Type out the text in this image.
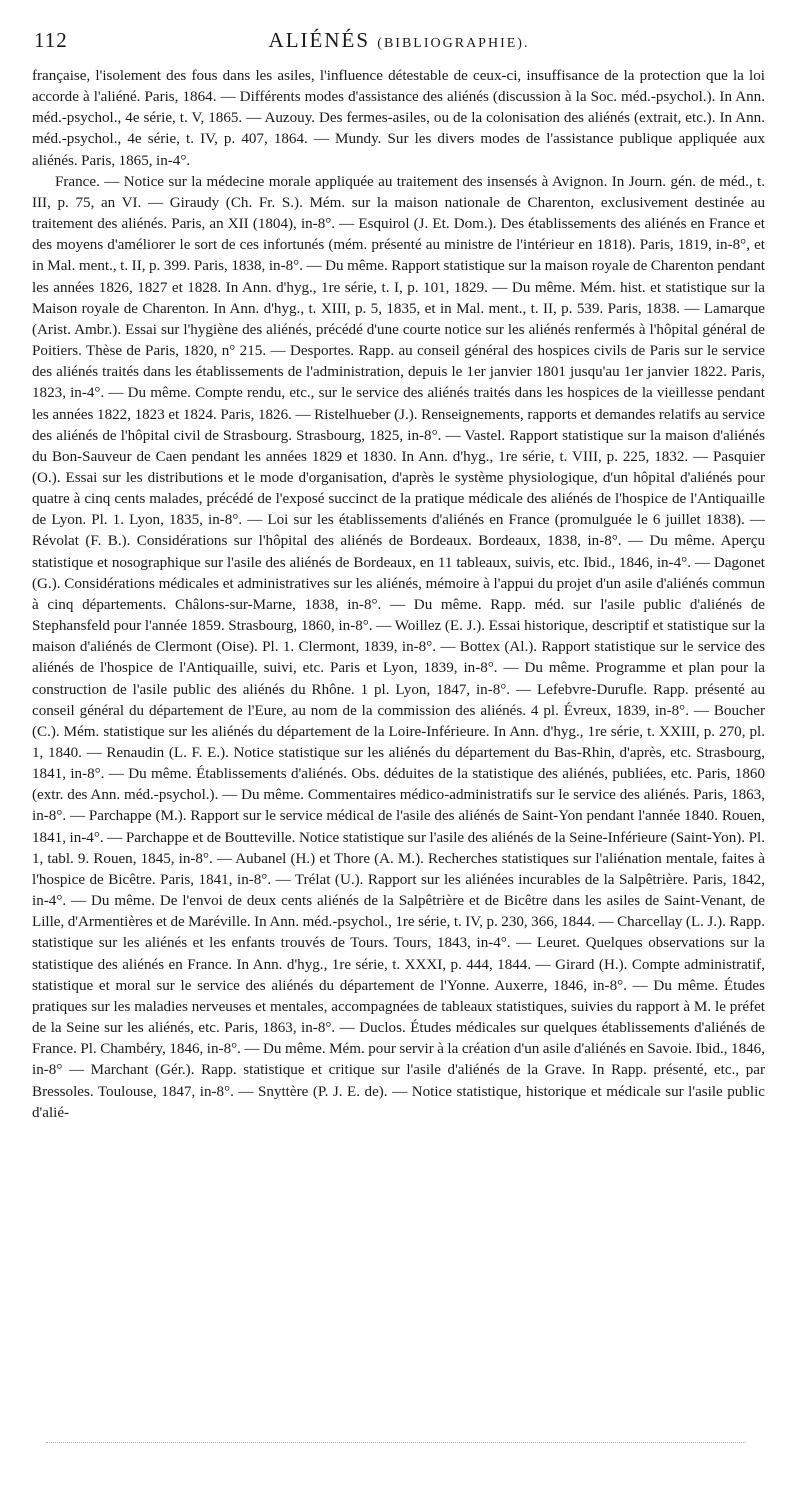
112	ALIÉNÉS (BIBLIOGRAPHIE).

française, l'isolement des fous dans les asiles, l'influence détestable de ceux-ci, insuffisance de la protection que la loi accorde à l'aliéné. Paris, 1864. — Différents modes d'assistance des aliénés (discussion à la Soc. méd.-psychol.). In Ann. méd.-psychol., 4e série, t. V, 1865. — Auzouy. Des fermes-asiles, ou de la colonisation des aliénés (extrait, etc.). In Ann. méd.-psychol., 4e série, t. IV, p. 407, 1864. — Mundy. Sur les divers modes de l'assistance publique appliquée aux aliénés. Paris, 1865, in-4°.

France. — Notice sur la médecine morale appliquée au traitement des insensés à Avignon. In Journ. gén. de méd., t. III, p. 75, an VI. — Giraudy (Ch. Fr. S.). Mém. sur la maison nationale de Charenton, exclusivement destinée au traitement des aliénés. Paris, an XII (1804), in-8°. — Esquirol (J. Et. Dom.). Des établissements des aliénés en France et des moyens d'améliorer le sort de ces infortunés (mém. présenté au ministre de l'intérieur en 1818). Paris, 1819, in-8°, et in Mal. ment., t. II, p. 399. Paris, 1838, in-8°. — Du même. Rapport statistique sur la maison royale de Charenton pendant les années 1826, 1827 et 1828. In Ann. d'hyg., 1re série, t. I, p. 101, 1829. — Du même. Mém. hist. et statistique sur la Maison royale de Charenton. In Ann. d'hyg., t. XIII, p. 5, 1835, et in Mal. ment., t. II, p. 539. Paris, 1838. — Lamarque (Arist. Ambr.). Essai sur l'hygiène des aliénés, précédé d'une courte notice sur les aliénés renfermés à l'hôpital général de Poitiers. Thèse de Paris, 1820, n° 215. — Desportes. Rapp. au conseil général des hospices civils de Paris sur le service des aliénés traités dans les établissements de l'administration, depuis le 1er janvier 1801 jusqu'au 1er janvier 1822. Paris, 1823, in-4°. — Du même. Compte rendu, etc., sur le service des aliénés traités dans les hospices de la vieillesse pendant les années 1822, 1823 et 1824. Paris, 1826. — Ristelhueber (J.). Renseignements, rapports et demandes relatifs au service des aliénés de l'hôpital civil de Strasbourg. Strasbourg, 1825, in-8°. — Vastel. Rapport statistique sur la maison d'aliénés du Bon-Sauveur de Caen pendant les années 1829 et 1830. In Ann. d'hyg., 1re série, t. VIII, p. 225, 1832. — Pasquier (O.). Essai sur les distributions et le mode d'organisation, d'après le système physiologique, d'un hôpital d'aliénés pour quatre à cinq cents malades, précédé de l'exposé succinct de la pratique médicale des aliénés de l'hospice de l'Antiquaille de Lyon. Pl. 1. Lyon, 1835, in-8°. — Loi sur les établissements d'aliénés en France (promulguée le 6 juillet 1838). — Révolat (F. B.). Considérations sur l'hôpital des aliénés de Bordeaux. Bordeaux, 1838, in-8°. — Du même. Aperçu statistique et nosographique sur l'asile des aliénés de Bordeaux, en 11 tableaux, suivis, etc. Ibid., 1846, in-4°. — Dagonet (G.). Considérations médicales et administratives sur les aliénés, mémoire à l'appui du projet d'un asile d'aliénés commun à cinq départements. Châlons-sur-Marne, 1838, in-8°. — Du même. Rapp. méd. sur l'asile public d'aliénés de Stephansfeld pour l'année 1859. Strasbourg, 1860, in-8°. — Woillez (E. J.). Essai historique, descriptif et statistique sur la maison d'aliénés de Clermont (Oise). Pl. 1. Clermont, 1839, in-8°. — Bottex (Al.). Rapport statistique sur le service des aliénés de l'hospice de l'Antiquaille, suivi, etc. Paris et Lyon, 1839, in-8°. — Du même. Programme et plan pour la construction de l'asile public des aliénés du Rhône. 1 pl. Lyon, 1847, in-8°. — Lefebvre-Durufle. Rapp. présenté au conseil général du département de l'Eure, au nom de la commission des aliénés. 4 pl. Évreux, 1839, in-8°. — Boucher (C.). Mém. statistique sur les aliénés du département de la Loire-Inférieure. In Ann. d'hyg., 1re série, t. XXIII, p. 270, pl. 1, 1840. — Renaudin (L. F. E.). Notice statistique sur les aliénés du département du Bas-Rhin, d'après, etc. Strasbourg, 1841, in-8°. — Du même. Établissements d'aliénés. Obs. déduites de la statistique des aliénés, publiées, etc. Paris, 1860 (extr. des Ann. méd.-psychol.). — Du même. Commentaires médico-administratifs sur le service des aliénés. Paris, 1863, in-8°. — Parchappe (M.). Rapport sur le service médical de l'asile des aliénés de Saint-Yon pendant l'année 1840. Rouen, 1841, in-4°. — Parchappe et de Boutteville. Notice statistique sur l'asile des aliénés de la Seine-Inférieure (Saint-Yon). Pl. 1, tabl. 9. Rouen, 1845, in-8°. — Aubanel (H.) et Thore (A. M.). Recherches statistiques sur l'aliénation mentale, faites à l'hospice de Bicêtre. Paris, 1841, in-8°. — Trélat (U.). Rapport sur les aliénées incurables de la Salpêtrière. Paris, 1842, in-4°. — Du même. De l'envoi de deux cents aliénés de la Salpêtrière et de Bicêtre dans les asiles de Saint-Venant, de Lille, d'Armentières et de Maréville. In Ann. méd.-psychol., 1re série, t. IV, p. 230, 366, 1844. — Charcellay (L. J.). Rapp. statistique sur les aliénés et les enfants trouvés de Tours. Tours, 1843, in-4°. — Leuret. Quelques observations sur la statistique des aliénés en France. In Ann. d'hyg., 1re série, t. XXXI, p. 444, 1844. — Girard (H.). Compte administratif, statistique et moral sur le service des aliénés du département de l'Yonne. Auxerre, 1846, in-8°. — Du même. Études pratiques sur les maladies nerveuses et mentales, accompagnées de tableaux statistiques, suivies du rapport à M. le préfet de la Seine sur les aliénés, etc. Paris, 1863, in-8°. — Duclos. Études médicales sur quelques établissements d'aliénés de France. Pl. Chambéry, 1846, in-8°. — Du même. Mém. pour servir à la création d'un asile d'aliénés en Savoie. Ibid., 1846, in-8° — Marchant (Gér.). Rapp. statistique et critique sur l'asile d'aliénés de la Grave. In Rapp. présenté, etc., par Bressoles. Toulouse, 1847, in-8°. — Snyttère (P. J. E. de). — Notice statistique, historique et médicale sur l'asile public d'alié-
